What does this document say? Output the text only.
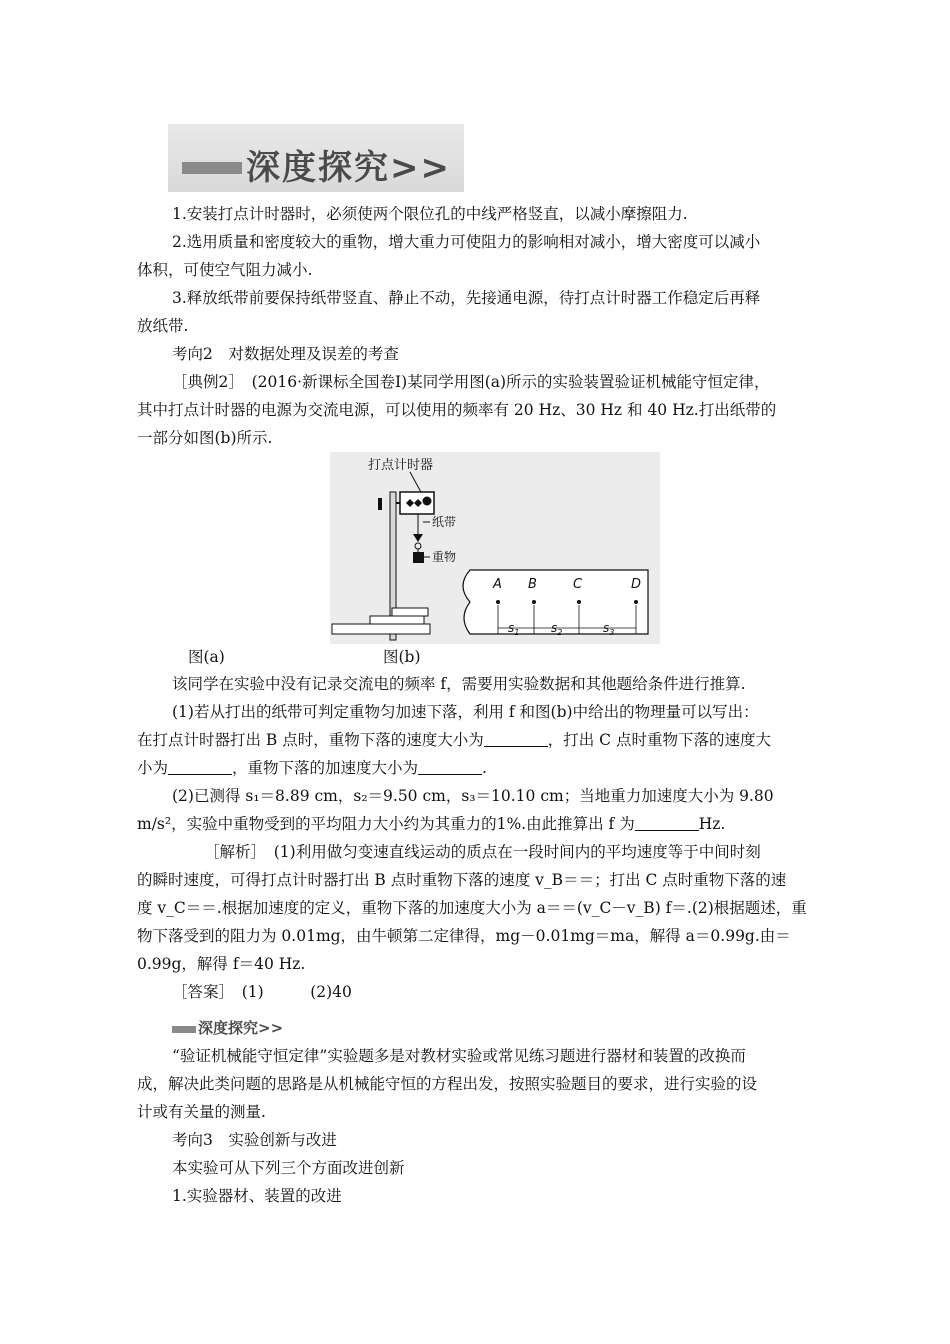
深度探究>>
1.安装打点计时器时，必须使两个限位孔的中线严格竖直，以减小摩擦阻力.
2.选用质量和密度较大的重物，增大重力可使阻力的影响相对减小，增大密度可以减小
体积，可使空气阻力减小.
3.释放纸带前要保持纸带竖直、静止不动，先接通电源，待打点计时器工作稳定后再释
放纸带.
考向2　对数据处理及误差的考查
［典例2］　(2016·新课标全国卷Ⅰ)某同学用图(a)所示的实验装置验证机械能守恒定律，
其中打点计时器的电源为交流电源，可以使用的频率有 20 Hz、30 Hz 和 40 Hz.打出纸带的
一部分如图(b)所示.
打点计时器
纸带
重物
A B	C	D
$s_1$	$s_2$	$s_3$
图(a)	图(b)
该同学在实验中没有记录交流电的频率 f，需要用实验数据和其他题给条件进行推算.
(1)若从打出的纸带可判定重物匀加速下落，利用 f 和图(b)中给出的物理量可以写出：
在打点计时器打出 B 点时，重物下落的速度大小为	，打出 C 点时重物下落的速度大
小为	，重物下落的加速度大小为	.
(2)已测得 s₁＝8.89 cm，s₂＝9.50 cm，s₃＝10.10 cm；当地重力加速度大小为 9.80
m/s²，实验中重物受到的平均阻力大小约为其重力的1%.由此推算出 f 为	Hz.
［解析］　(1)利用做匀变速直线运动的质点在一段时间内的平均速度等于中间时刻
的瞬时速度，可得打点计时器打出 B 点时重物下落的速度 v_B＝＝；打出 C 点时重物下落的速
度 v_C＝＝.根据加速度的定义，重物下落的加速度大小为 a＝＝(v_C－v_B) f＝.(2)根据题述，重
物下落受到的阻力为 0.01mg，由牛顿第二定律得，mg－0.01mg＝ma，解得 a＝0.99g.由＝
0.99g，解得 f＝40 Hz.
［答案］　(1)　　　(2)40
深度探究>>
“验证机械能守恒定律”实验题多是对教材实验或常见练习题进行器材和装置的改换而
成，解决此类问题的思路是从机械能守恒的方程出发，按照实验题目的要求，进行实验的设
计或有关量的测量.
考向3　实验创新与改进
本实验可从下列三个方面改进创新
1.实验器材、装置的改进
